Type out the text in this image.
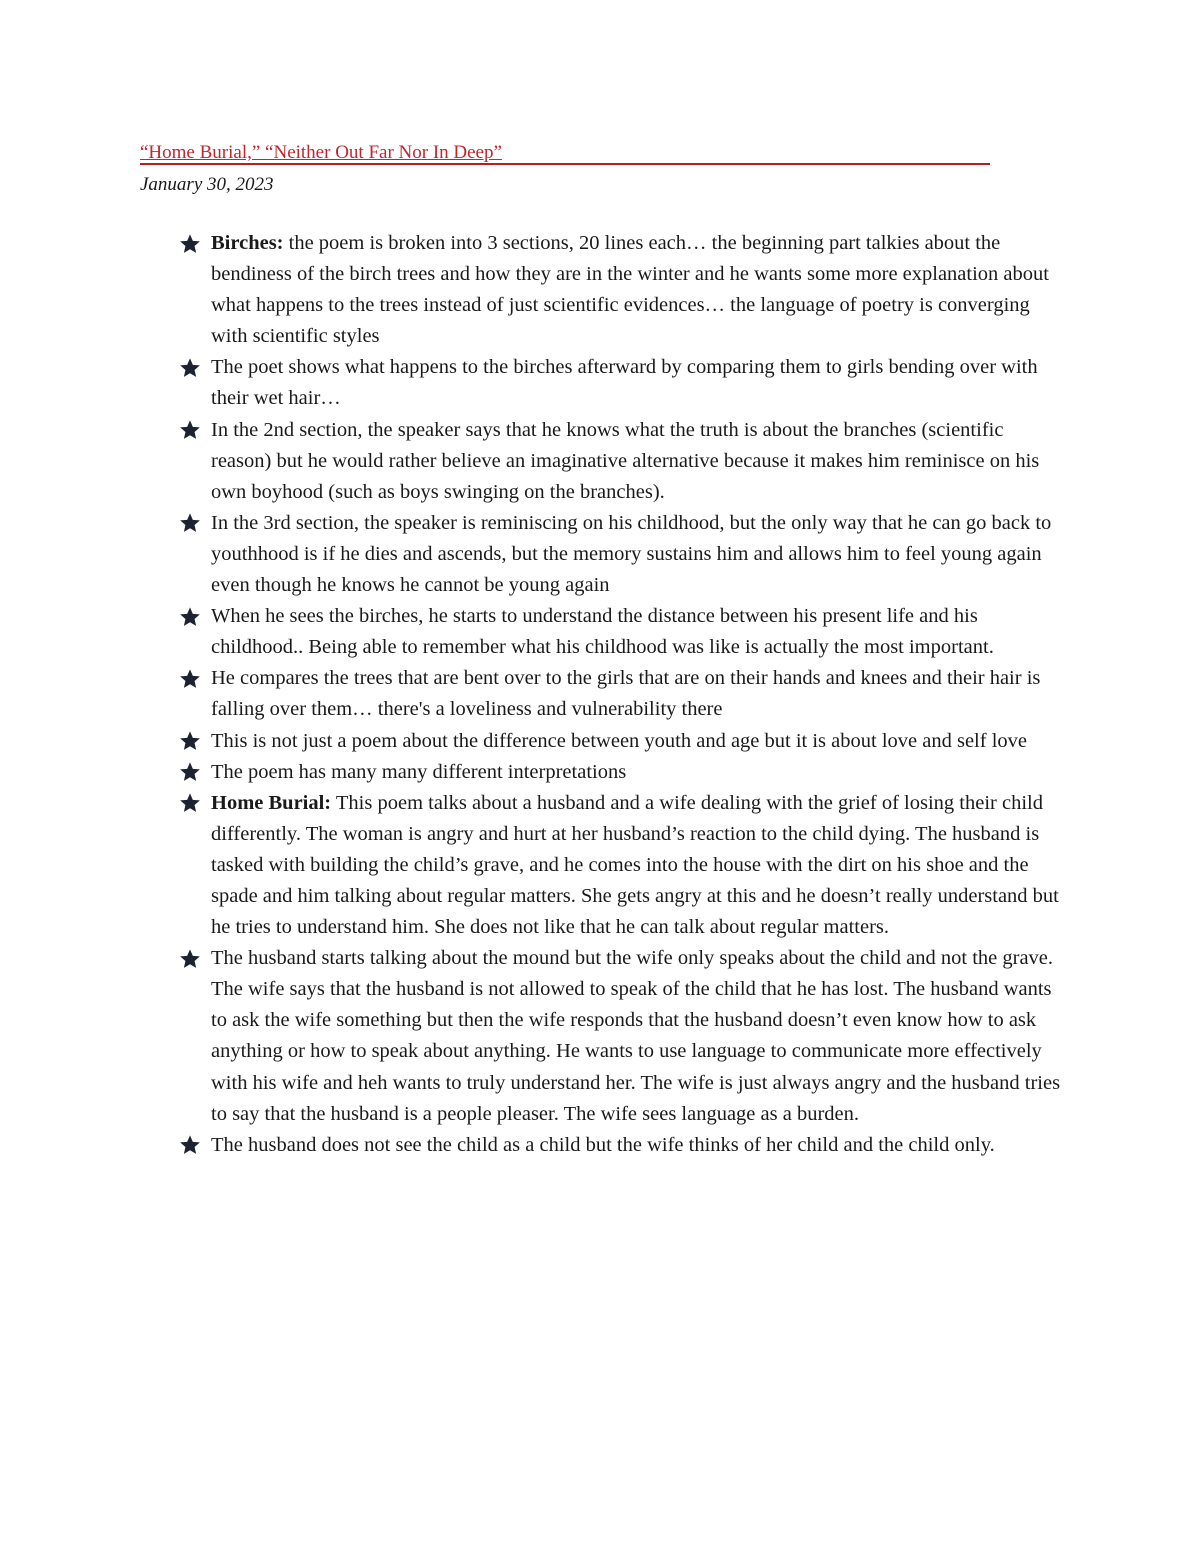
“Home Burial,” “Neither Out Far Nor In Deep”
January 30, 2023
Birches: the poem is broken into 3 sections, 20 lines each… the beginning part talkies about the bendiness of the birch trees and how they are in the winter and he wants some more explanation about what happens to the trees instead of just scientific evidences… the language of poetry is converging with scientific styles
The poet shows what happens to the birches afterward by comparing them to girls bending over with their wet hair…
In the 2nd section, the speaker says that he knows what the truth is about the branches (scientific reason) but he would rather believe an imaginative alternative because it makes him reminisce on his own boyhood (such as boys swinging on the branches).
In the 3rd section, the speaker is reminiscing on his childhood, but the only way that he can go back to youthhood is if he dies and ascends, but the memory sustains him and allows him to feel young again even though he knows he cannot be young again
When he sees the birches, he starts to understand the distance between his present life and his childhood.. Being able to remember what his childhood was like is actually the most important.
He compares the trees that are bent over to the girls that are on their hands and knees and their hair is falling over them… there's a loveliness and vulnerability there
This is not just a poem about the difference between youth and age but it is about love and self love
The poem has many many different interpretations
Home Burial: This poem talks about a husband and a wife dealing with the grief of losing their child differently. The woman is angry and hurt at her husband’s reaction to the child dying. The husband is tasked with building the child’s grave, and he comes into the house with the dirt on his shoe and the spade and him talking about regular matters. She gets angry at this and he doesn’t really understand but he tries to understand him. She does not like that he can talk about regular matters.
The husband starts talking about the mound but the wife only speaks about the child and not the grave. The wife says that the husband is not allowed to speak of the child that he has lost. The husband wants to ask the wife something but then the wife responds that the husband doesn’t even know how to ask anything or how to speak about anything. He wants to use language to communicate more effectively with his wife and heh wants to truly understand her. The wife is just always angry and the husband tries to say that the husband is a people pleaser. The wife sees language as a burden.
The husband does not see the child as a child but the wife thinks of her child and the child only.
